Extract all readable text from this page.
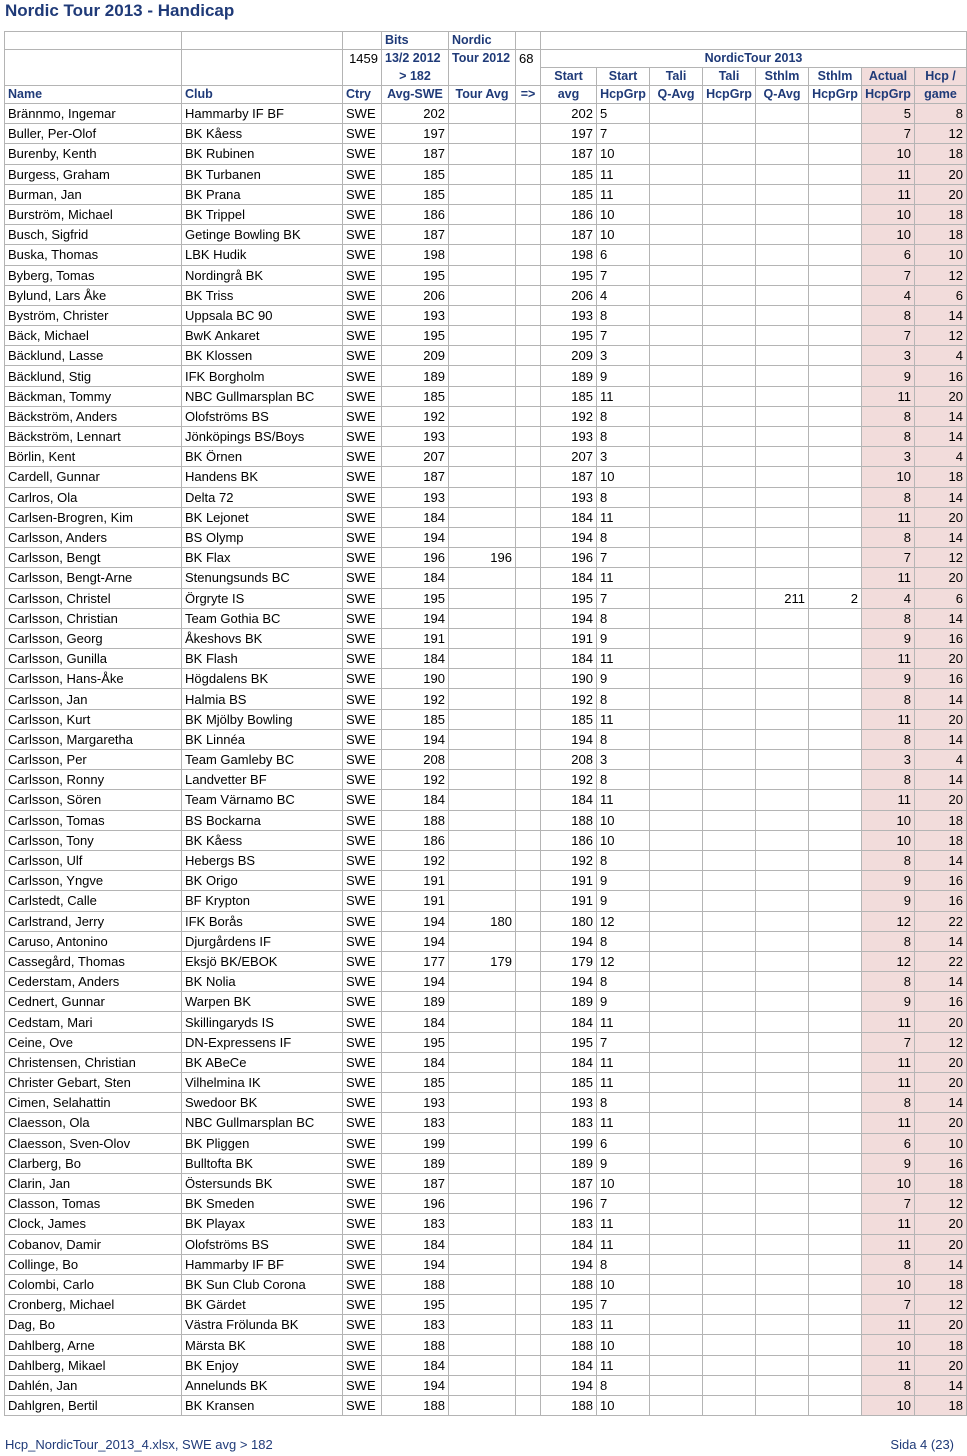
Nordic Tour 2013 - Handicap
			Bits	Nordic									
		1459	13/2 2012	Tour 2012	68	NordicTour 2013							
			> 182			Start	Start	Tali	Tali	Sthlm	Sthlm	Actual	Hcp /
Name	Club	Ctry	Avg-SWE	Tour Avg	=>	avg	HcpGrp	Q-Avg	HcpGrp	Q-Avg	HcpGrp	HcpGrp	game
Brännmo, Ingemar	Hammarby IF BF	SWE	202			202	5					5	8
Buller, Per-Olof	BK Kåess	SWE	197			197	7					7	12
Burenby, Kenth	BK Rubinen	SWE	187			187	10					10	18
Burgess, Graham	BK Turbanen	SWE	185			185	11					11	20
Burman, Jan	BK Prana	SWE	185			185	11					11	20
Burström, Michael	BK Trippel	SWE	186			186	10					10	18
Busch, Sigfrid	Getinge Bowling BK	SWE	187			187	10					10	18
Buska, Thomas	LBK Hudik	SWE	198			198	6					6	10
Byberg, Tomas	Nordingrå BK	SWE	195			195	7					7	12
Bylund, Lars Åke	BK Triss	SWE	206			206	4					4	6
Byström, Christer	Uppsala BC 90	SWE	193			193	8					8	14
Bäck, Michael	BwK Ankaret	SWE	195			195	7					7	12
Bäcklund, Lasse	BK Klossen	SWE	209			209	3					3	4
Bäcklund, Stig	IFK Borgholm	SWE	189			189	9					9	16
Bäckman, Tommy	NBC Gullmarsplan BC	SWE	185			185	11					11	20
Bäckström, Anders	Olofströms BS	SWE	192			192	8					8	14
Bäckström, Lennart	Jönköpings BS/Boys	SWE	193			193	8					8	14
Börlin, Kent	BK Örnen	SWE	207			207	3					3	4
Cardell, Gunnar	Handens BK	SWE	187			187	10					10	18
Carlros, Ola	Delta 72	SWE	193			193	8					8	14
Carlsen-Brogren, Kim	BK Lejonet	SWE	184			184	11					11	20
Carlsson, Anders	BS Olymp	SWE	194			194	8					8	14
Carlsson, Bengt	BK Flax	SWE	196	196		196	7					7	12
Carlsson, Bengt-Arne	Stenungsunds BC	SWE	184			184	11					11	20
Carlsson, Christel	Örgryte IS	SWE	195			195	7			211	2	4	6
Carlsson, Christian	Team Gothia BC	SWE	194			194	8					8	14
Carlsson, Georg	Åkeshovs BK	SWE	191			191	9					9	16
Carlsson, Gunilla	BK Flash	SWE	184			184	11					11	20
Carlsson, Hans-Åke	Högdalens BK	SWE	190			190	9					9	16
Carlsson, Jan	Halmia BS	SWE	192			192	8					8	14
Carlsson, Kurt	BK Mjölby Bowling	SWE	185			185	11					11	20
Carlsson, Margaretha	BK Linnéa	SWE	194			194	8					8	14
Carlsson, Per	Team Gamleby BC	SWE	208			208	3					3	4
Carlsson, Ronny	Landvetter BF	SWE	192			192	8					8	14
Carlsson, Sören	Team Värnamo BC	SWE	184			184	11					11	20
Carlsson, Tomas	BS Bockarna	SWE	188			188	10					10	18
Carlsson, Tony	BK Kåess	SWE	186			186	10					10	18
Carlsson, Ulf	Hebergs BS	SWE	192			192	8					8	14
Carlsson, Yngve	BK Origo	SWE	191			191	9					9	16
Carlstedt, Calle	BF Krypton	SWE	191			191	9					9	16
Carlstrand, Jerry	IFK Borås	SWE	194	180		180	12					12	22
Caruso, Antonino	Djurgårdens IF	SWE	194			194	8					8	14
Cassegård, Thomas	Eksjö BK/EBOK	SWE	177	179		179	12					12	22
Cederstam, Anders	BK Nolia	SWE	194			194	8					8	14
Cednert, Gunnar	Warpen BK	SWE	189			189	9					9	16
Cedstam, Mari	Skillingaryds IS	SWE	184			184	11					11	20
Ceine, Ove	DN-Expressens IF	SWE	195			195	7					7	12
Christensen, Christian	BK ABeCe	SWE	184			184	11					11	20
Christer Gebart, Sten	Vilhelmina IK	SWE	185			185	11					11	20
Cimen, Selahattin	Swedoor BK	SWE	193			193	8					8	14
Claesson, Ola	NBC Gullmarsplan BC	SWE	183			183	11					11	20
Claesson, Sven-Olov	BK Pliggen	SWE	199			199	6					6	10
Clarberg, Bo	Bulltofta BK	SWE	189			189	9					9	16
Clarin, Jan	Östersunds BK	SWE	187			187	10					10	18
Classon, Tomas	BK Smeden	SWE	196			196	7					7	12
Clock, James	BK Playax	SWE	183			183	11					11	20
Cobanov, Damir	Olofströms BS	SWE	184			184	11					11	20
Collinge, Bo	Hammarby IF BF	SWE	194			194	8					8	14
Colombi, Carlo	BK Sun Club Corona	SWE	188			188	10					10	18
Cronberg, Michael	BK Gärdet	SWE	195			195	7					7	12
Dag, Bo	Västra Frölunda BK	SWE	183			183	11					11	20
Dahlberg, Arne	Märsta BK	SWE	188			188	10					10	18
Dahlberg, Mikael	BK Enjoy	SWE	184			184	11					11	20
Dahlén, Jan	Annelunds BK	SWE	194			194	8					8	14
Dahlgren, Bertil	BK Kransen	SWE	188			188	10					10	18
Hcp_NordicTour_2013_4.xlsx, SWE avg > 182	Sida 4 (23)
